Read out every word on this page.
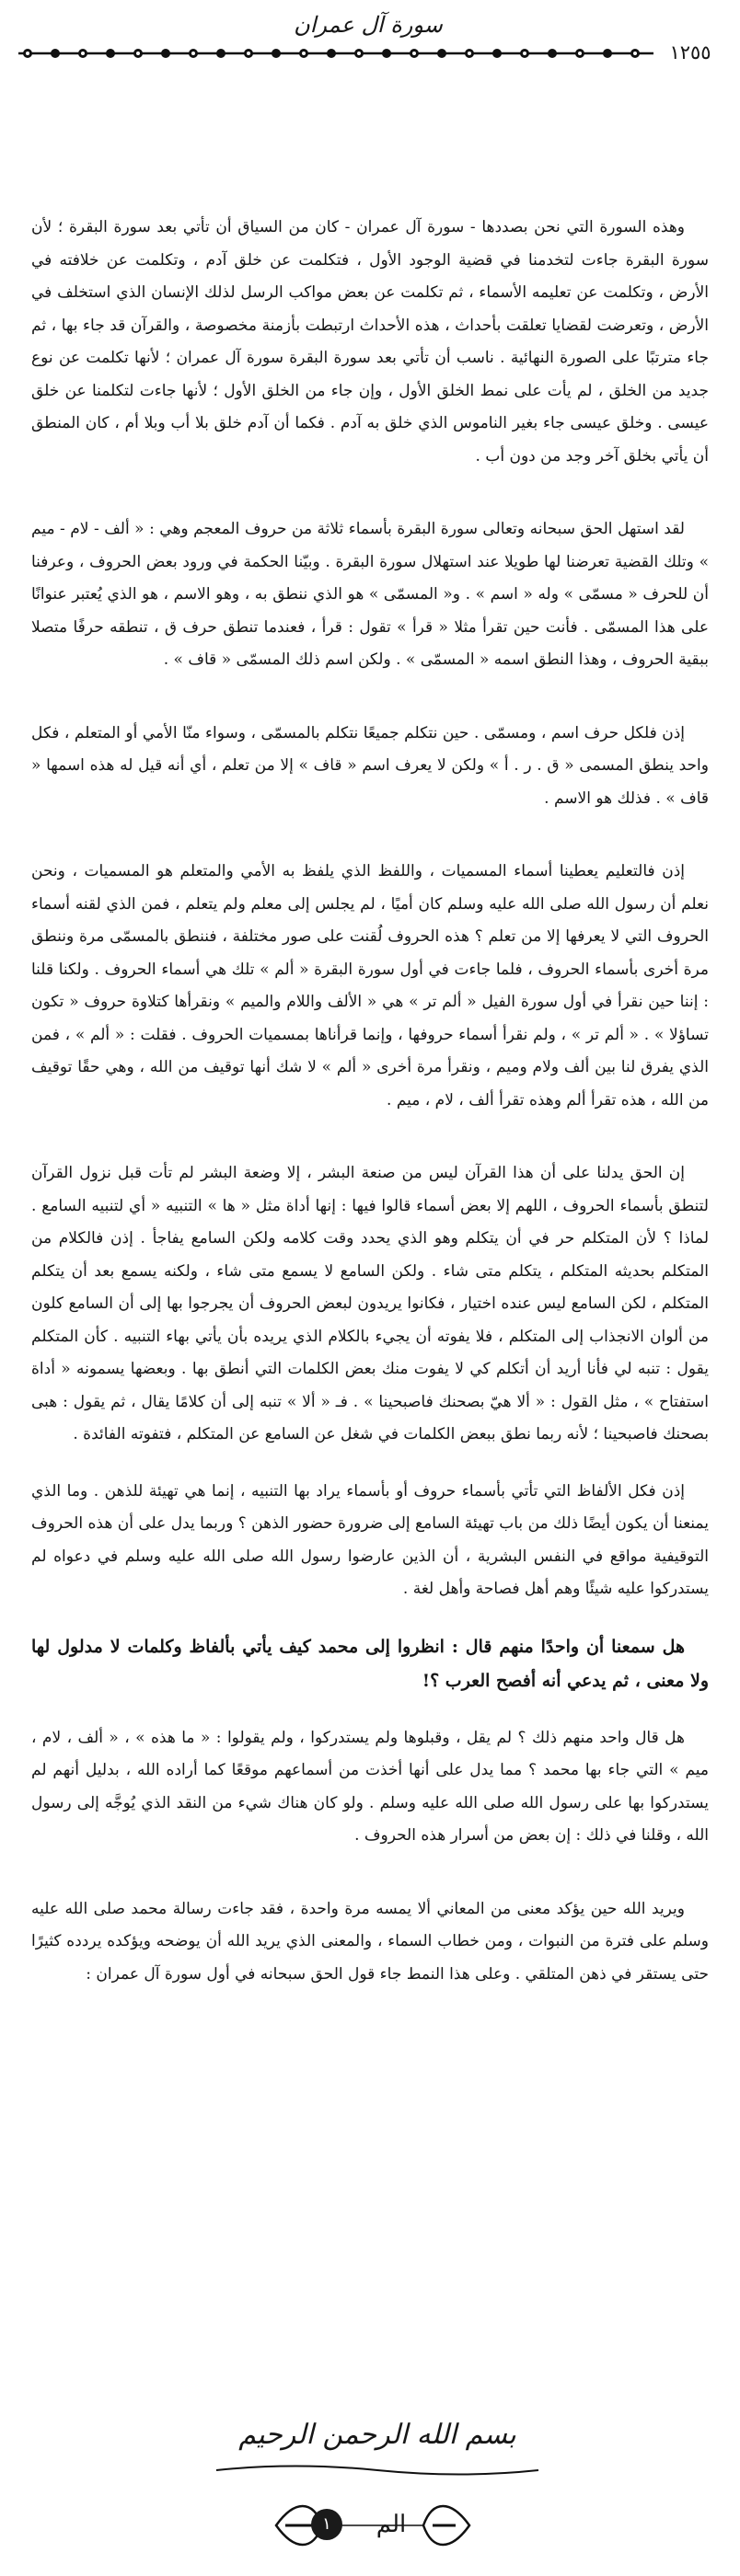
سورة آل عمران
١٢٥٥

وهذه السورة التي نحن بصددها - سورة آل عمران - كان من السياق أن تأتي بعد سورة البقرة ؛ لأن سورة البقرة جاءت لتخدمنا في قضية الوجود الأول ، فتكلمت عن خلق آدم ، وتكلمت عن خلافته في الأرض ، وتكلمت عن تعليمه الأسماء ، ثم تكلمت عن بعض مواكب الرسل لذلك الإنسان الذي استخلف في الأرض ، وتعرضت لقضايا تعلقت بأحداث ، هذه الأحداث ارتبطت بأزمنة مخصوصة ، والقرآن قد جاء بها ، ثم جاء مترتبًا على الصورة النهائية . ناسب أن تأتي بعد سورة البقرة سورة آل عمران ؛ لأنها تكلمت عن نوع جديد من الخلق ، لم يأت على نمط الخلق الأول ، وإن جاء من الخلق الأول ؛ لأنها جاءت لتكلمنا عن خلق عيسى . وخلق عيسى جاء بغير الناموس الذي خلق به آدم . فكما أن آدم خلق بلا أب وبلا أم ، كان المنطق أن يأتي بخلق آخر وجد من دون أب .

لقد استهل الحق سبحانه وتعالى سورة البقرة بأسماء ثلاثة من حروف المعجم وهي : « ألف - لام - ميم » وتلك القضية تعرضنا لها طويلا عند استهلال سورة البقرة . وبيّنا الحكمة في ورود بعض الحروف ، وعرفنا أن للحرف « مسمّى » وله « اسم » . و« المسمّى » هو الذي ننطق به ، وهو الاسم ، هو الذي يُعتبر عنوانًا على هذا المسمّى . فأنت حين تقرأ مثلا « قرأ » تقول : قرأ ، فعندما تنطق حرف ق ، تنطقه حرفًا متصلا ببقية الحروف ، وهذا النطق اسمه « المسمّى » . ولكن اسم ذلك المسمّى « قاف » .

إذن فلكل حرف اسم ، ومسمّى . حين نتكلم جميعًا نتكلم بالمسمّى ، وسواء منّا الأمي أو المتعلم ، فكل واحد ينطق المسمى « ق . ر . أ » ولكن لا يعرف اسم « قاف » إلا من تعلم ، أي أنه قيل له هذه اسمها « قاف » . فذلك هو الاسم .

إذن فالتعليم يعطينا أسماء المسميات ، واللفظ الذي يلفظ به الأمي والمتعلم هو المسميات ، ونحن نعلم أن رسول الله صلى الله عليه وسلم كان أميًا ، لم يجلس إلى معلم ولم يتعلم ، فمن الذي لقنه أسماء الحروف التي لا يعرفها إلا من تعلم ؟ هذه الحروف لُقنت على صور مختلفة ، فننطق بالمسمّى مرة وننطق مرة أخرى بأسماء الحروف ، فلما جاءت في أول سورة البقرة « ألم » تلك هي أسماء الحروف . ولكنا قلنا : إننا حين نقرأ في أول سورة الفيل « ألم تر » هي « الألف واللام والميم » ونقرأها كتلاوة حروف « تكون تساؤلا » . « ألم تر » ، ولم نقرأ أسماء حروفها ، وإنما قرأناها بمسميات الحروف . فقلت : « ألم » ، فمن الذي يفرق لنا بين ألف ولام وميم ، ونقرأ مرة أخرى « ألم » لا شك أنها توقيف من الله ، وهي حقًا توقيف من الله ، هذه تقرأ ألم وهذه تقرأ ألف ، لام ، ميم .

إن الحق يدلنا على أن هذا القرآن ليس من صنعة البشر ، إلا وضعة البشر لم تأت قبل نزول القرآن لتنطق بأسماء الحروف ، اللهم إلا بعض أسماء قالوا فيها : إنها أداة مثل « ها » التنبيه « أي لتنبيه السامع . لماذا ؟ لأن المتكلم حر في أن يتكلم وهو الذي يحدد وقت كلامه ولكن السامع يفاجأ . إذن فالكلام من المتكلم بحديثه المتكلم ، يتكلم متى شاء . ولكن السامع لا يسمع متى شاء ، ولكنه يسمع بعد أن يتكلم المتكلم ، لكن السامع ليس عنده اختيار ، فكانوا يريدون لبعض الحروف أن يجرجوا بها إلى أن السامع كلون من ألوان الانجذاب إلى المتكلم ، فلا يفوته أن يجيء بالكلام الذي يريده بأن يأتي بهاء التنبيه . كأن المتكلم يقول : تنبه لي فأنا أريد أن أتكلم كي لا يفوت منك بعض الكلمات التي أنطق بها . وبعضها يسمونه « أداة استفتاح » ، مثل القول : « ألا هيّ بصحنك فاصبحينا » . فـ « ألا » تنبه إلى أن كلامًا يقال ، ثم يقول : هبى بصحنك فاصبحينا ؛ لأنه ربما نطق ببعض الكلمات في شغل عن السامع عن المتكلم ، فتفوته الفائدة .

إذن فكل الألفاظ التي تأتي بأسماء حروف أو بأسماء يراد بها التنبيه ، إنما هي تهيئة للذهن . وما الذي يمنعنا أن يكون أيضًا ذلك من باب تهيئة السامع إلى ضرورة حضور الذهن ؟ وربما يدل على أن هذه الحروف التوقيفية مواقع في النفس البشرية ، أن الذين عارضوا رسول الله صلى الله عليه وسلم في دعواه لم يستدركوا عليه شيئًا وهم أهل فصاحة وأهل لغة .

هل سمعنا أن واحدًا منهم قال : انظروا إلى محمد كيف يأتي بألفاظ وكلمات لا مدلول لها ولا معنى ، ثم يدعي أنه أفصح العرب ؟!

هل قال واحد منهم ذلك ؟ لم يقل ، وقبلوها ولم يستدركوا ، ولم يقولوا : « ما هذه » ، « ألف ، لام ، ميم » التي جاء بها محمد ؟ مما يدل على أنها أخذت من أسماعهم موقعًا كما أراده الله ، بدليل أنهم لم يستدركوا بها على رسول الله صلى الله عليه وسلم . ولو كان هناك شيء من النقد الذي يُوجَّه إلى رسول الله ، وقلنا في ذلك : إن بعض من أسرار هذه الحروف .

ويريد الله حين يؤكد معنى من المعاني ألا يمسه مرة واحدة ، فقد جاءت رسالة محمد صلى الله عليه وسلم على فترة من النبوات ، ومن خطاب السماء ، والمعنى الذي يريد الله أن يوضحه ويؤكده يردده كثيرًا حتى يستقر في ذهن المتلقي . وعلى هذا النمط جاء قول الحق سبحانه في أول سورة آل عمران :

بسم الله الرحمن الرحيم
الم
١
